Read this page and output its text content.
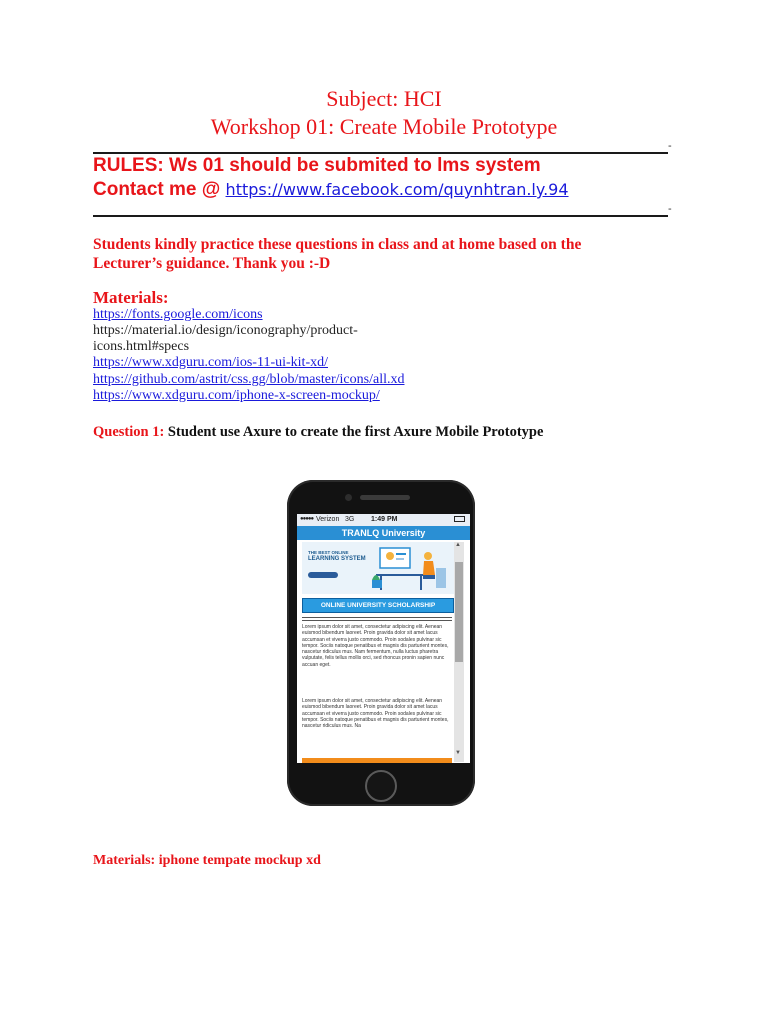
Subject: HCI
Workshop 01: Create Mobile Prototype
-
RULES: Ws 01 should be submited to lms system
Contact me @ https://www.facebook.com/quynhtran.ly.94
-
Students kindly practice these questions in class and at home based on the
Lecturer’s guidance. Thank you :-D
Materials:
https://fonts.google.com/icons
https://material.io/design/iconography/product-
icons.html#specs
https://www.xdguru.com/ios-11-ui-kit-xd/
https://github.com/astrit/css.gg/blob/master/icons/all.xd
https://www.xdguru.com/iphone-x-screen-mockup/
Question 1: Student use Axure to create the first Axure Mobile Prototype
●●●●● Verizon 3G 1:49 PM
TRANLQ University
THE BEST ONLINE
LEARNING SYSTEM
ONLINE UNIVERSITY SCHOLARSHIP
Lorem ipsum dolor sit amet, consectetur adipiscing elit. Aenean euismod bibendum laoreet. Proin gravida dolor sit amet lacus accumsan et viverra justo commodo. Proin sodales pulvinar sic tempor. Sociis natoque penatibus et magnis dis parturient montes, nascetur ridiculus mus. Nam fermentum, nulla luctus pharetra vulputate, felis tellus mollis orci, sed rhoncus pronin sapien nunc accuan eget.
Lorem ipsum dolor sit amet, consectetur adipiscing elit. Aenean euismod bibendum laoreet. Proin gravida dolor sit amet lacus accumsan et viverra justo commodo. Proin sodales pulvinar sic tempor. Sociis natoque penatibus et magnis dis parturient montes, nascetur ridiculus mus. Na
▲
▼
Materials: iphone tempate mockup xd
